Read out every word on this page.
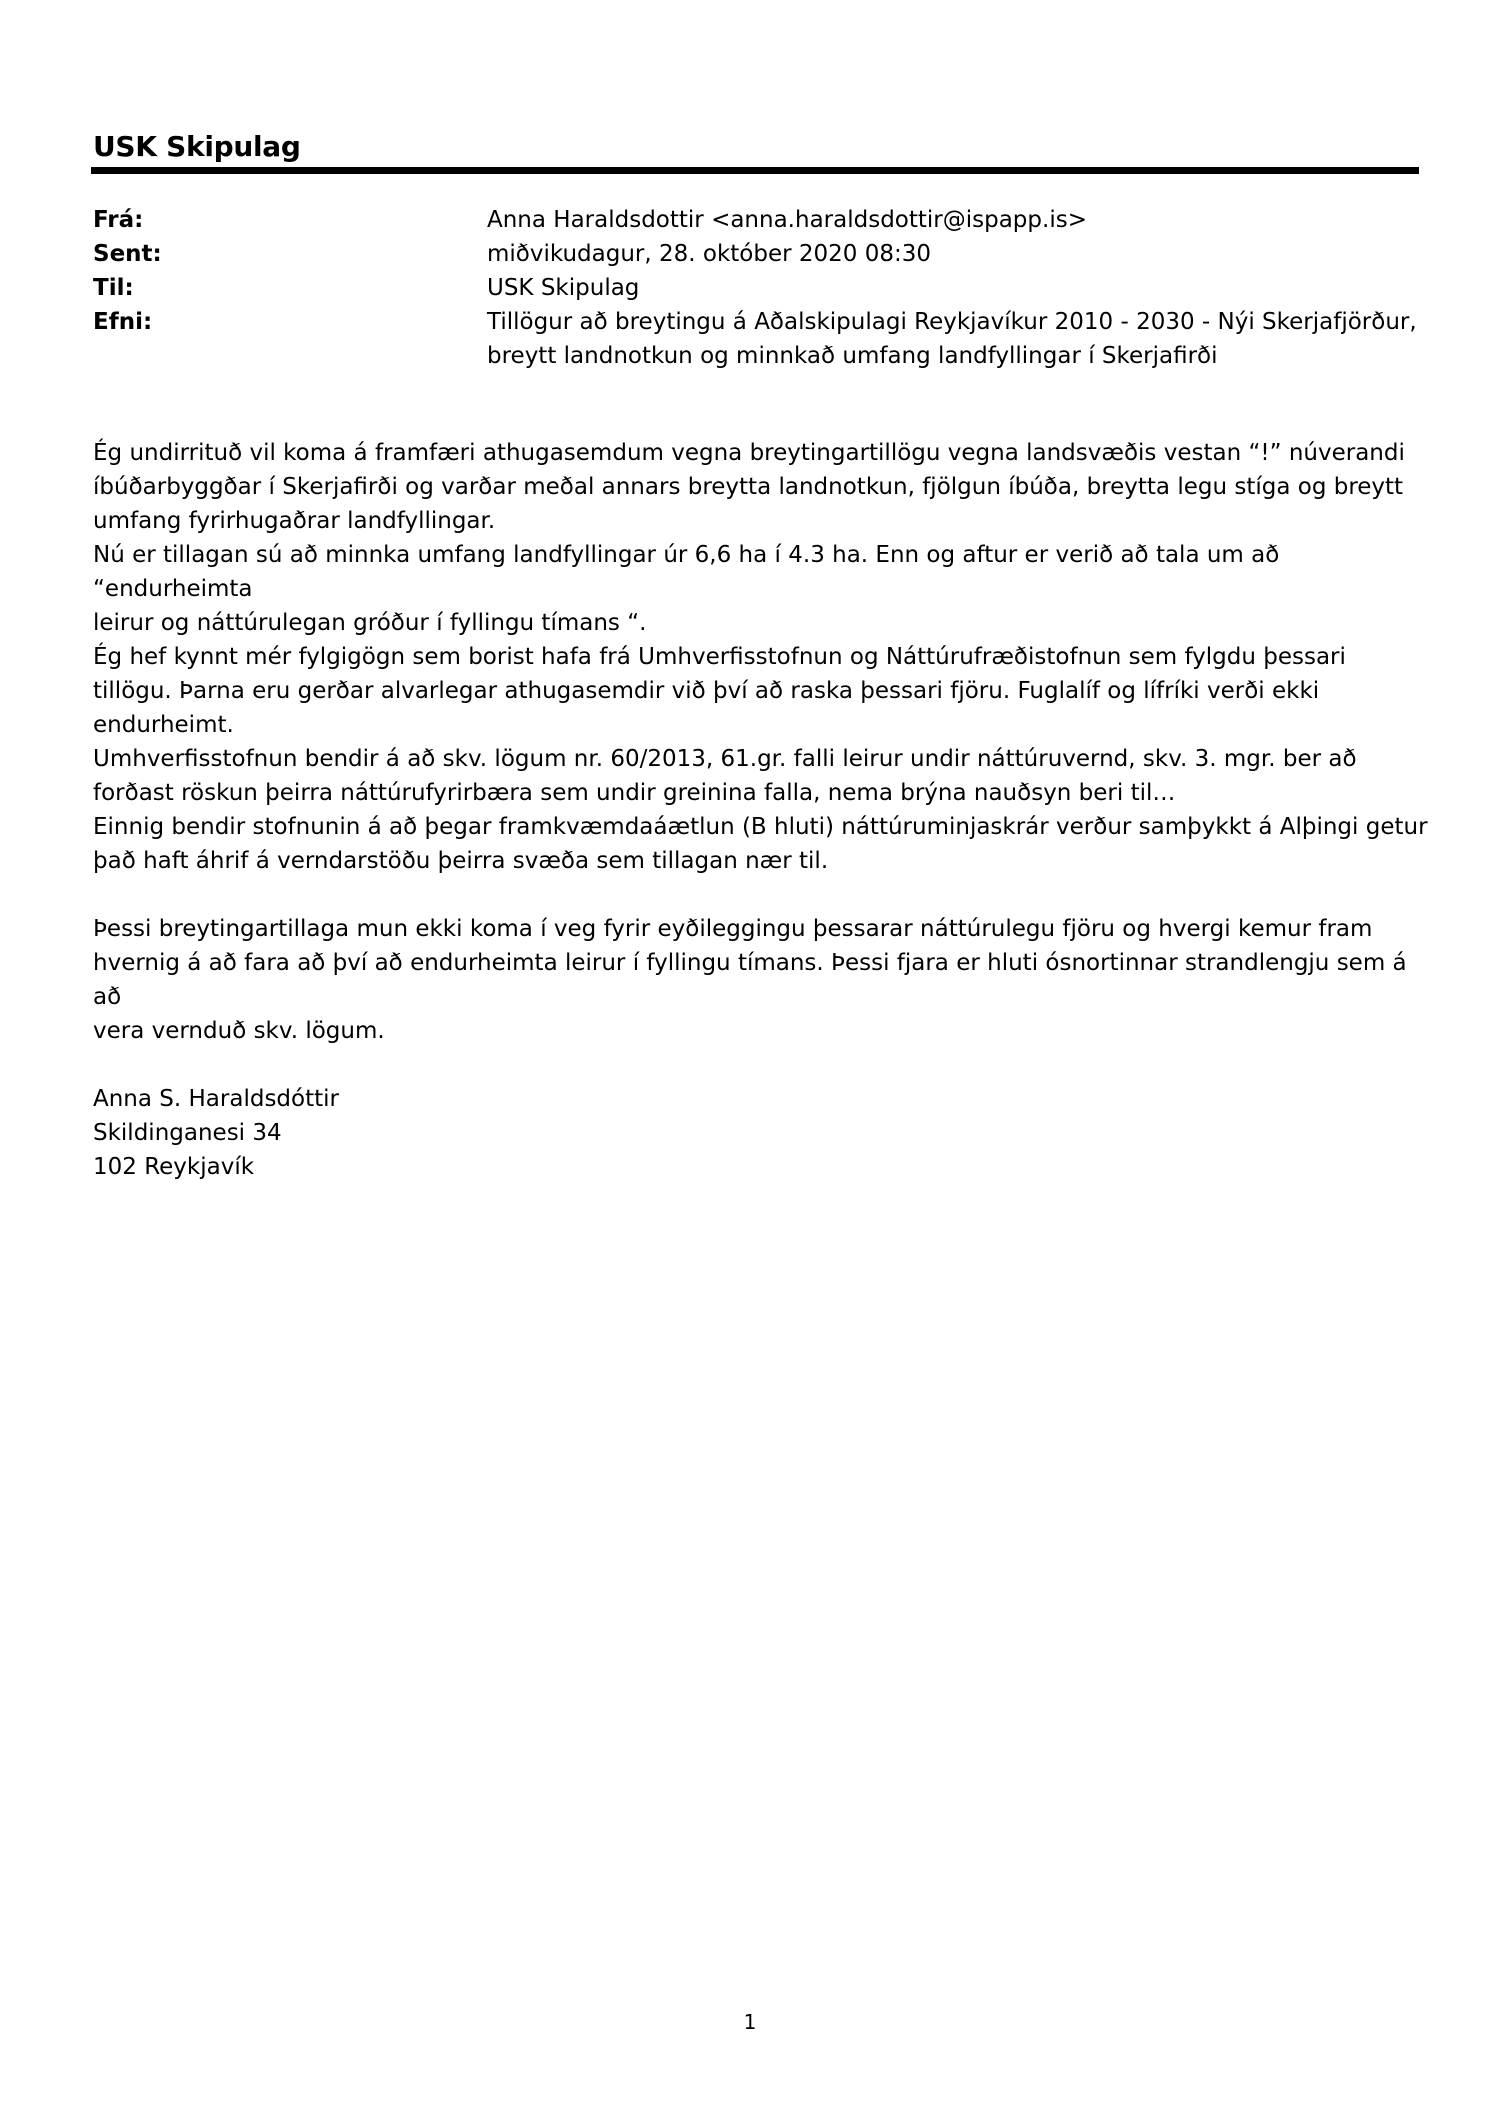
USK Skipulag
Frá:	Anna Haraldsdottir <anna.haraldsdottir@ispapp.is>
Sent:	miðvikudagur, 28. október 2020 08:30
Til:	USK Skipulag
Efni:	Tillögur að breytingu á Aðalskipulagi Reykjavíkur 2010 - 2030 - Nýi Skerjafjörður,
breytt landnotkun og minnkað umfang landfyllingar í Skerjafirði

Ég undirrituð vil koma á framfæri athugasemdum vegna breytingartillögu vegna landsvæðis vestan “!” núverandi

íbúðarbyggðar í Skerjafirði og varðar meðal annars breytta landnotkun, fjölgun íbúða, breytta legu stíga og breytt

umfang fyrirhugaðrar landfyllingar.

Nú er tillagan sú að minnka umfang landfyllingar úr 6,6 ha í 4.3 ha. Enn og aftur er verið að tala um að “endurheimta

leirur og náttúrulegan gróður í fyllingu tímans “.

Ég hef kynnt mér fylgigögn sem borist hafa frá Umhverfisstofnun og Náttúrufræðistofnun sem fylgdu þessari

tillögu. Þarna eru gerðar alvarlegar athugasemdir við því að raska þessari fjöru. Fuglalíf og lífríki verði ekki

endurheimt.

Umhverfisstofnun bendir á að skv. lögum nr. 60/2013, 61.gr. falli leirur undir náttúruvernd, skv. 3. mgr. ber að

forðast röskun þeirra náttúrufyrirbæra sem undir greinina falla, nema brýna nauðsyn beri til…

Einnig bendir stofnunin á að þegar framkvæmdaáætlun (B hluti) náttúruminjaskrár verður samþykkt á Alþingi getur

það haft áhrif á verndarstöðu þeirra svæða sem tillagan nær til.

Þessi breytingartillaga mun ekki koma í veg fyrir eyðileggingu þessarar náttúrulegu fjöru og hvergi kemur fram

hvernig á að fara að því að endurheimta leirur í fyllingu tímans. Þessi fjara er hluti ósnortinnar strandlengju sem á að

vera vernduð skv. lögum.

Anna S. Haraldsdóttir

Skildinganesi 34

102 Reykjavík

1
